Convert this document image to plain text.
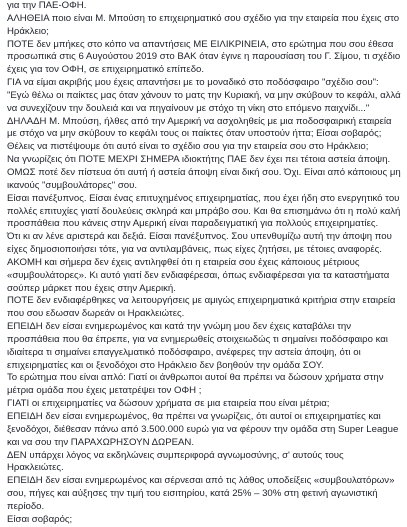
για την ΠΑΕ-ΟΦΗ.

ΑΛΗΘΕΙΑ ποιο είναι Μ. Μπούση το επιχειρηματικό σου σχέδιο για την εταιρεία που έχεις στο Ηράκλειο;

ΠΟΤΕ δεν μπήκες στο κόπο να απαντήσεις ΜΕ ΕΙΛΙΚΡΙΝΕΙΑ, στο ερώτημα που σου έθεσα προσωπικά στις 6 Αυγούστου 2019 στο ΒΑΚ όταν έγινε η παρουσίαση του Γ. Σίμου, τι σχέδιο έχεις για τον ΟΦΗ, σε επιχειρηματικό επίπεδο.

ΓΙΑ να είμαι ακριβής μου έχεις απαντήσει με το μοναδικό στο ποδόσφαιρο "σχέδιο σου":

"Εγώ θέλω οι παίκτες μας όταν χάνουν το ματς την Κυριακή, να μην σκύβουν το κεφάλι, αλλά να συνεχίζουν την δουλειά και να πηγαίνουν με στόχο τη νίκη στο επόμενο παιχνίδι..."

ΔΗΛΑΔΗ Μ. Μπούση, ήλθες από την Αμερική να ασχοληθείς με μια ποδοσφαιρική εταιρεία με στόχο να μην σκύβουν το κεφάλι τους οι παίκτες όταν υποστούν ήττα; Είσαι σοβαρός;

Θέλεις να πιστέψουμε ότι αυτό είναι το σχέδιο σου για την εταιρεία σου στο Ηράκλειο;

Να γνωρίζεις ότι ΠΟΤΕ ΜΕΧΡΙ ΣΗΜΕΡΑ ιδιοκτήτης ΠΑΕ δεν έχει πει τέτοια αστεία άποψη.

ΟΜΩΣ ποτέ δεν πίστευα ότι αυτή ή αστεία άποψη είναι δική σου. Όχι. Είναι από κάποιους μη ικανούς "συμβουλάτορες" σου.

Είσαι πανέξυπνος. Είσαι ένας επιτυχημένος επιχειρηματίας, που έχει ήδη στο ενεργητικό του πολλές επιτυχίες γιατί δουλεύεις σκληρά και μπράβο σου. Και θα επισημάνω ότι η πολύ καλή προσπάθεια που κάνεις στην Αμερική είναι παραδειγματική για πολλούς επιχειρηματίες.

Ότι κι αν λένε αριστερά και δεξιά. Είσαι πανέξυπνος. Σου υπενθυμίζω αυτή την άποψη που είχες δημοσιοποιήσει τότε, για να αντιλαμβάνεις, πως είχες ζητήσει, με τέτοιες αναφορές.

ΑΚΟΜΗ και σήμερα δεν έχεις αντιληφθεί ότι η εταιρεία σου έχεις κάποιους μέτριους «συμβουλάτορες». Κι αυτό γιατί δεν ενδιαφέρεσαι, όπως ενδιαφέρεσαι για τα καταστήματα σούπερ μάρκετ που έχεις στην Αμερική.

ΠΟΤΕ δεν ενδιαφέρθηκες να λειτουργήσεις με αμιγώς επιχειρηματικά κριτήρια στην εταιρεία που σου εδωσαν δωρεάν οι Ηρακλειώτες.

ΕΠΕΙΔΗ δεν είσαι ενημερωμένος και κατά την γνώμη μου δεν έχεις καταβάλει την προσπάθεια που θα έπρεπε, για να ενημερωθείς στοιχειωδώς τι σημαίνει ποδόσφαιρο και ιδιαίτερα τι σημαίνει επαγγελματικό ποδόσφαιρο, ανέφερες την αστεία άποψη, ότι οι επιχειρηματίες και οι ξενοδόχοι στο Ηράκλειο δεν βοηθούν την ομάδα ΣΟΥ.

Το ερώτημα που είναι απλό: Γιατί οι άνθρωποι αυτοί θα πρέπει να δώσουν χρήματα στην μέτρια ομάδα που έχεις μετατρέψει τον ΟΦΗ ;

ΓΙΑΤΙ οι επιχειρηματίες να δώσουν χρήματα σε μια εταιρεία που είναι μέτρια;

ΕΠΕΙΔΗ δεν είσαι ενημερωμένος, θα πρέπει να γνωρίζεις, ότι αυτοί οι επιχειρηματίες και ξενοδόχοι, διέθεσαν πάνω από 3.500.000 ευρώ για να φέρουν την ομάδα στη Super League και να σου την ΠΑΡΑΧΩΡΗΣΟΥΝ ΔΩΡΕΑΝ.

ΔΕΝ υπάρχει λόγος να εκδηλώνεις συμπεριφορά αγνωμοσύνης, σ' αυτούς τους Ηρακλειώτες.

ΕΠΕΙΔΗ δεν είσαι ενημερωμένος και σέρνεσαι από τις λάθος υποδείξεις «συμβουλατόρων» σου, πήγες και αύξησες την τιμή του εισιτηρίου, κατά 25% – 30% στη φετινή αγωνιστική περίοδο.

Είσαι σοβαρός;
